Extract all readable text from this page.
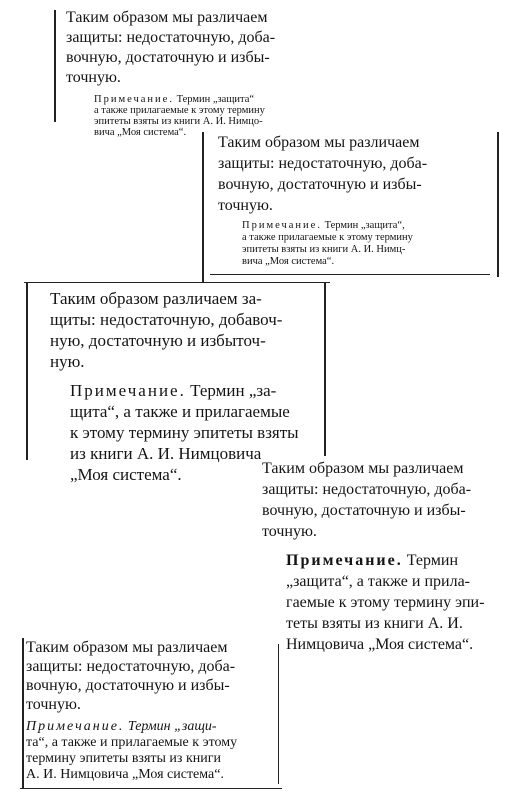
Таким образом мы различаем
защиты: недостаточную, доба-
вочную, достаточную и избы-
точную.

Примечание. Термин „защита“
а также прилагаемые к этому термину
эпитеты взяты из книги А. И. Нимцо-
вича „Моя система“.

Таким образом мы различаем
защиты: недостаточную, доба-
вочную, достаточную и избы-
точную.

Примечание. Термин „защита“,
а также прилагаемые к этому термину
эпитеты взяты из книги А. И. Нимц-
вича „Моя система“.

Таким образом различаем за-
щиты: недостаточную, добавоч-
ную, достаточную и избыточ-
ную.

Примечание. Термин „за-
щита“, а также и прилагаемые
к этому термину эпитеты взяты
из книги А. И. Нимцовича
„Моя система“.	Таким образом мы различаем
защиты: недостаточную, доба-
вочную, достаточную и избы-
точную.

Примечание. Термин
„защита“, а также и прила-
гаемые к этому термину эпи-
теты взяты из книги А. И.
Нимцовича „Моя система“.

Таким образом мы различаем
защиты: недостаточную, доба-
вочную, достаточную и избы-
точную.

Примечание. Термин „защи-
та“, а также и прилагаемые к этому
термину эпитеты взяты из книги
А. И. Нимцовича „Моя система“.
